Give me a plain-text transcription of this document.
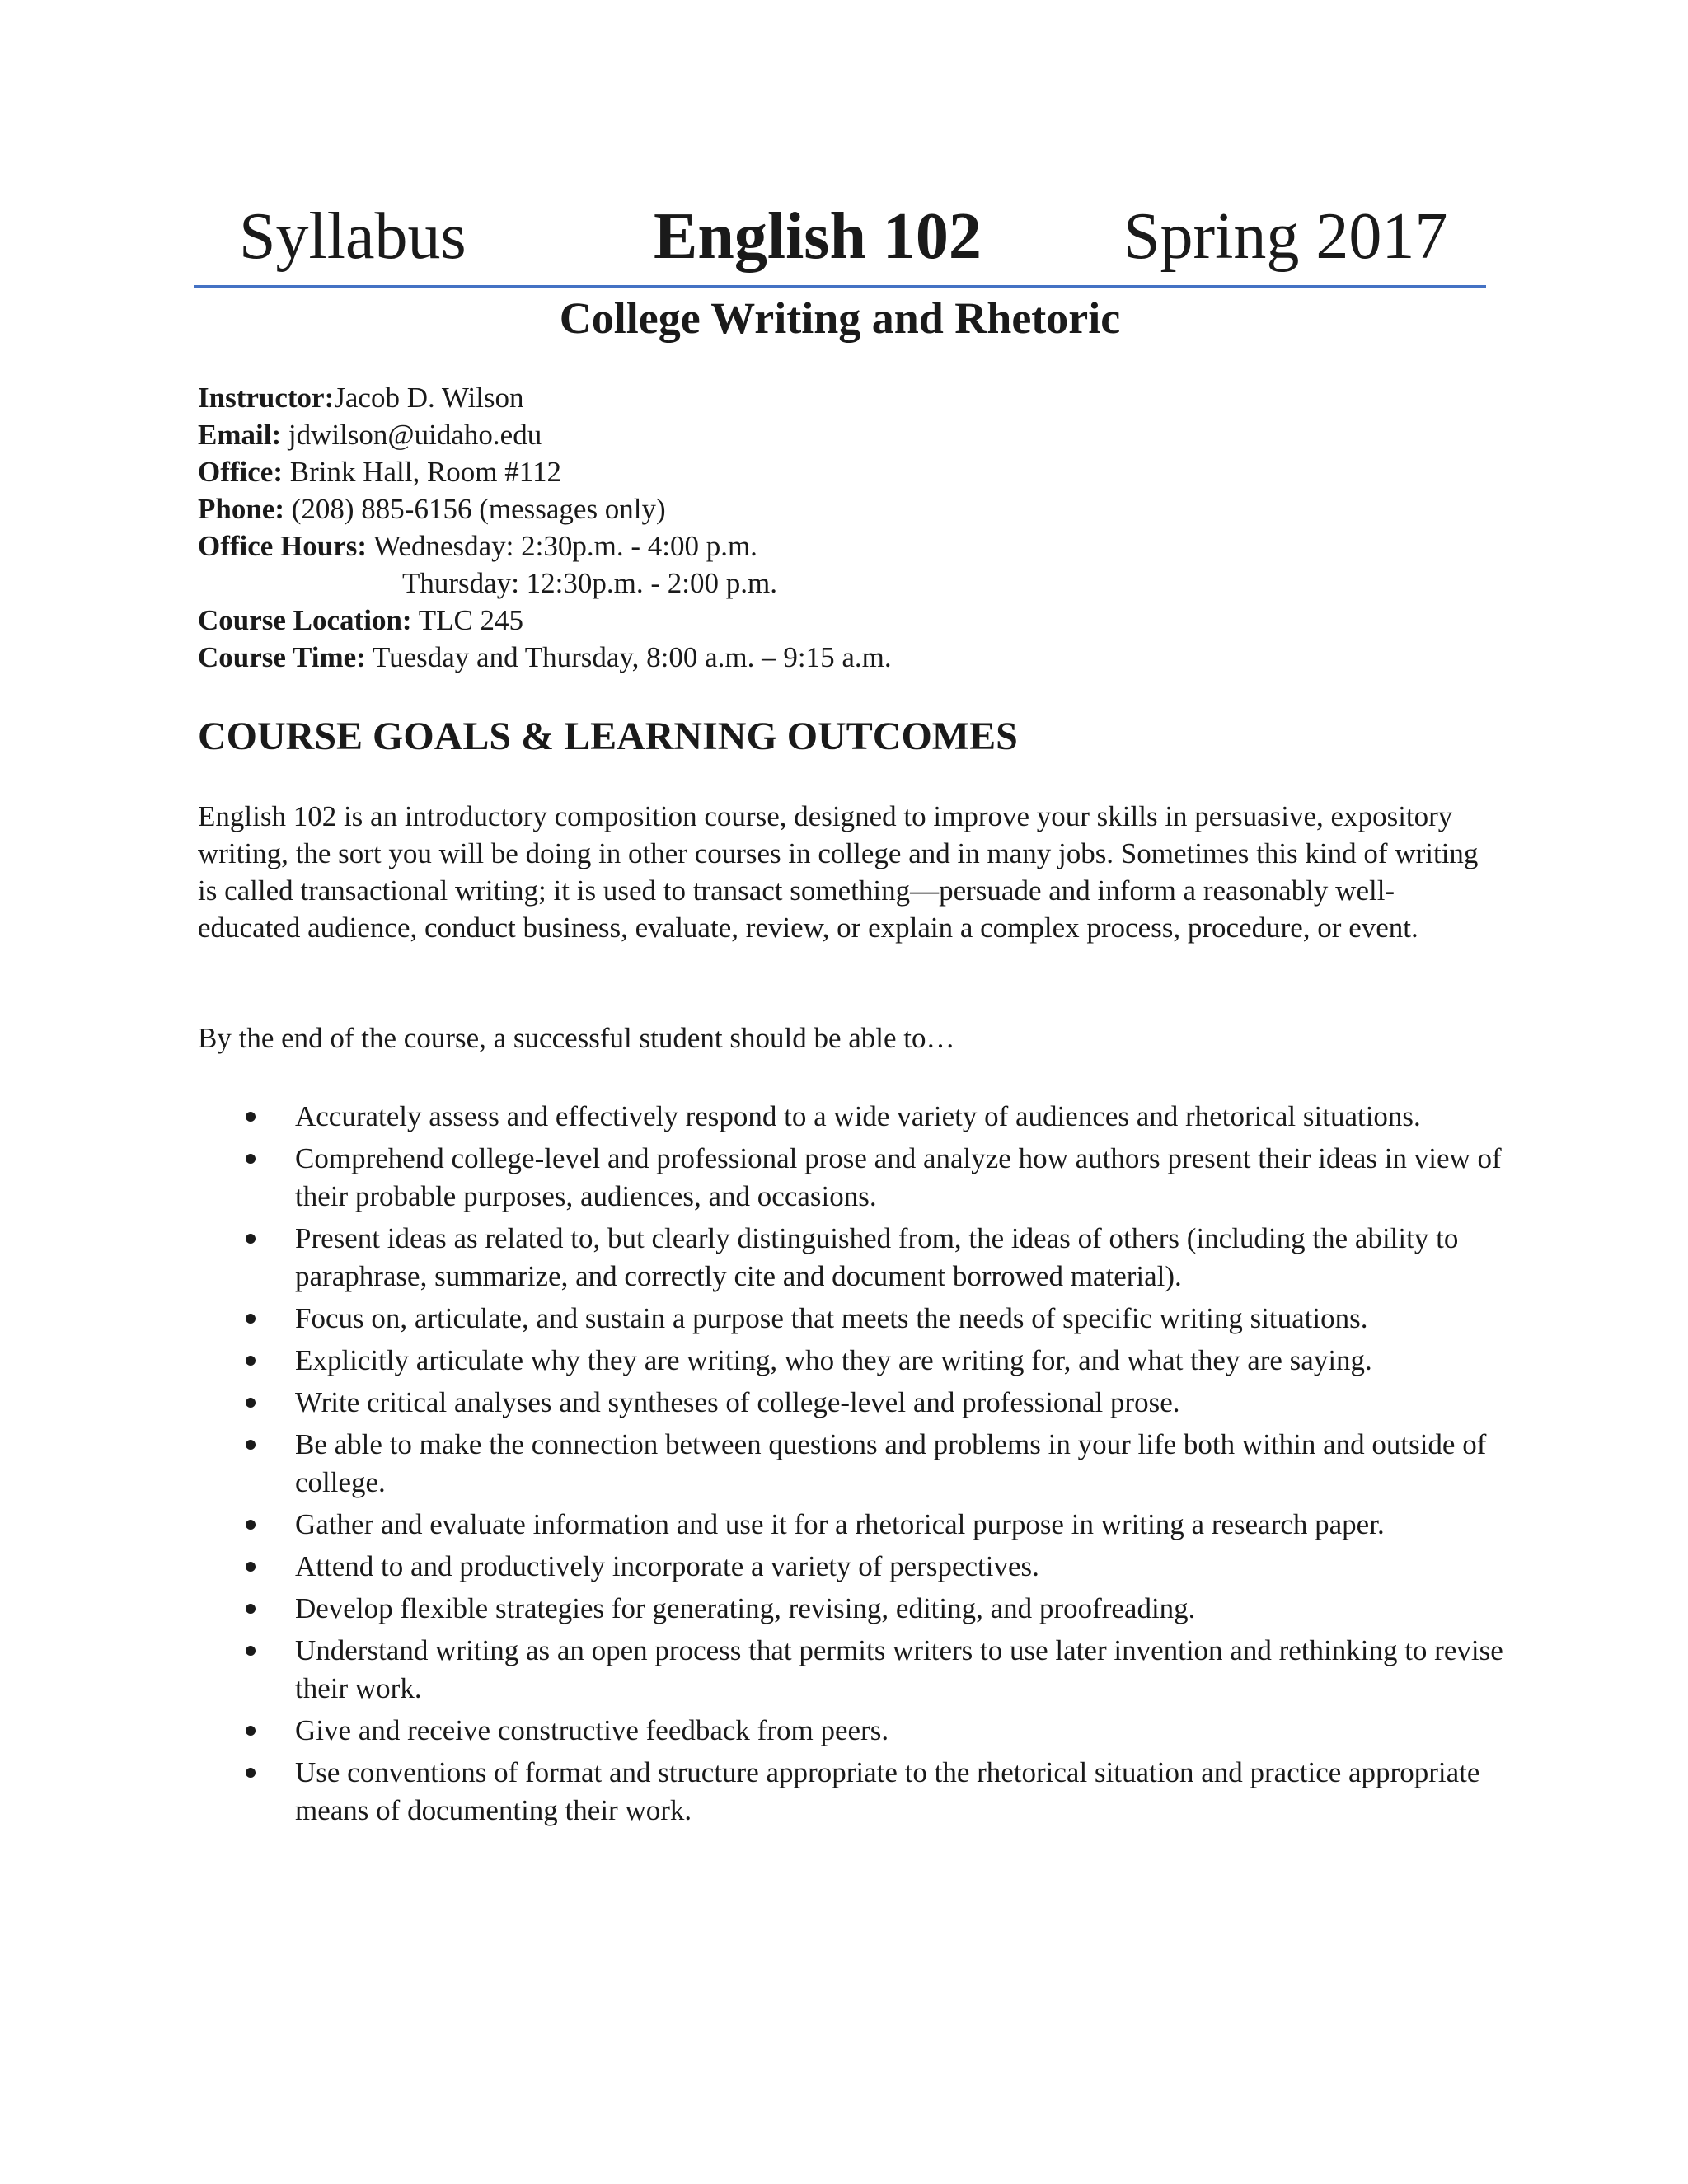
Syllabus	English 102 Spring 2017
College Writing and Rhetoric
Instructor:Jacob D. Wilson
Email: jdwilson@uidaho.edu
Office: Brink Hall, Room #112
Phone: (208) 885-6156 (messages only)
Office Hours: Wednesday: 2:30p.m. - 4:00 p.m.
Thursday: 12:30p.m. - 2:00 p.m.
Course Location: TLC 245
Course Time: Tuesday and Thursday, 8:00 a.m. – 9:15 a.m.
COURSE GOALS & LEARNING OUTCOMES

English 102 is an introductory composition course, designed to improve your skills in persuasive, expository writing, the sort you will be doing in other courses in college and in many jobs. Sometimes this kind of writing is called transactional writing; it is used to transact something—persuade and inform a reasonably well-educated audience, conduct business, evaluate, review, or explain a complex process, procedure, or event.

By the end of the course, a successful student should be able to…

Accurately assess and effectively respond to a wide variety of audiences and rhetorical situations.
Comprehend college-level and professional prose and analyze how authors present their ideas in view of their probable purposes, audiences, and occasions.
Present ideas as related to, but clearly distinguished from, the ideas of others (including the ability to paraphrase, summarize, and correctly cite and document borrowed material).
Focus on, articulate, and sustain a purpose that meets the needs of specific writing situations.
Explicitly articulate why they are writing, who they are writing for, and what they are saying.
Write critical analyses and syntheses of college-level and professional prose.
Be able to make the connection between questions and problems in your life both within and outside of college.
Gather and evaluate information and use it for a rhetorical purpose in writing a research paper.
Attend to and productively incorporate a variety of perspectives.
Develop flexible strategies for generating, revising, editing, and proofreading.
Understand writing as an open process that permits writers to use later invention and rethinking to revise their work.
Give and receive constructive feedback from peers.
Use conventions of format and structure appropriate to the rhetorical situation and practice appropriate means of documenting their work.
